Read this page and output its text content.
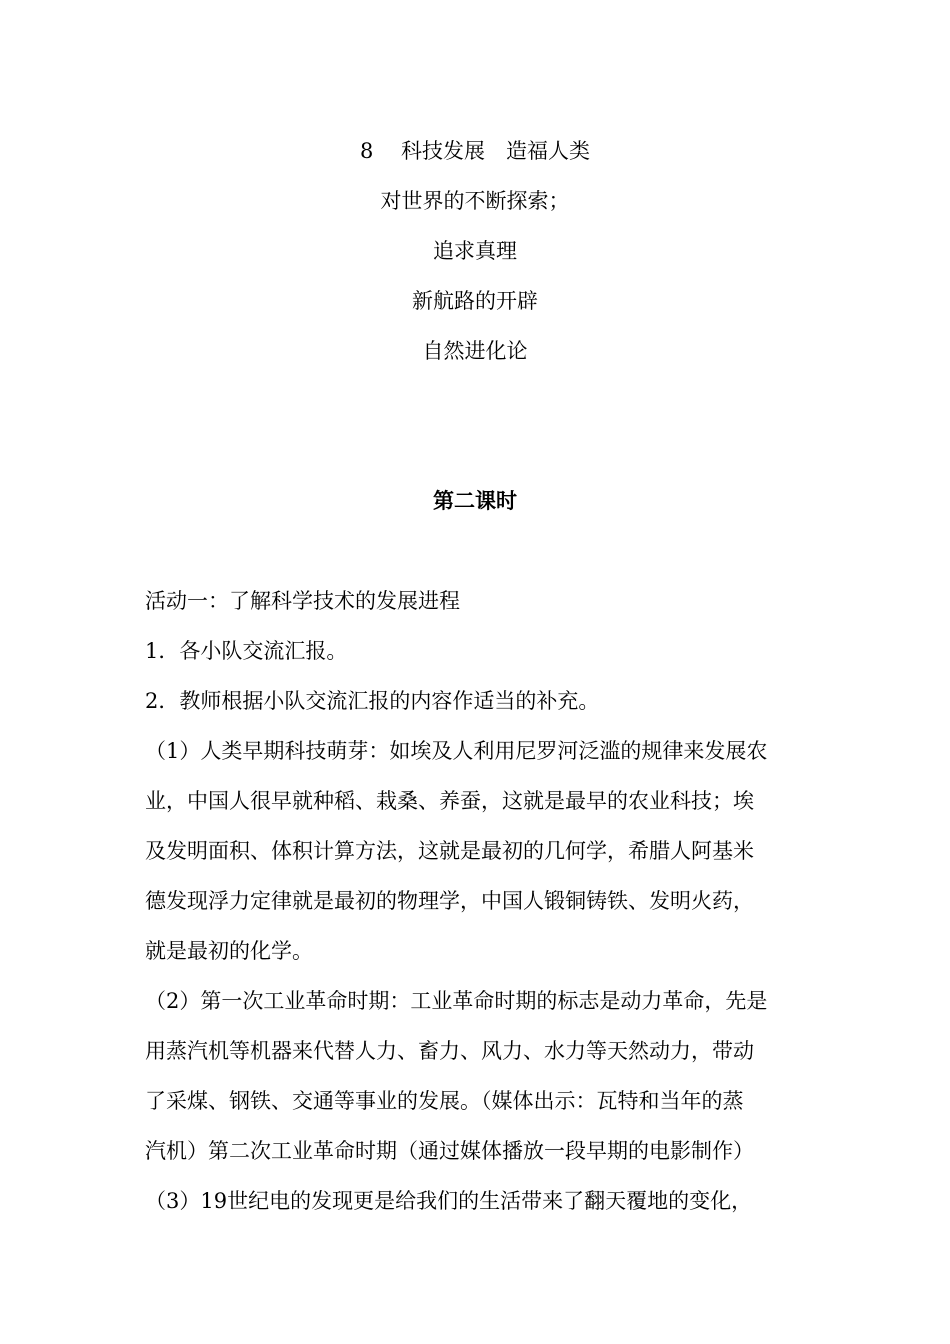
8　 科技发展　造福人类
对世界的不断探索；
追求真理
新航路的开辟
自然进化论
第二课时
活动一：了解科学技术的发展进程
1．各小队交流汇报。
2．教师根据小队交流汇报的内容作适当的补充。
（1）人类早期科技萌芽：如埃及人利用尼罗河泛滥的规律来发展农
业，中国人很早就种稻、栽桑、养蚕，这就是最早的农业科技；埃
及发明面积、体积计算方法，这就是最初的几何学，希腊人阿基米
德发现浮力定律就是最初的物理学，中国人锻铜铸铁、发明火药，
就是最初的化学。
（2）第一次工业革命时期：工业革命时期的标志是动力革命，先是
用蒸汽机等机器来代替人力、畜力、风力、水力等天然动力，带动
了采煤、钢铁、交通等事业的发展。（媒体出示：瓦特和当年的蒸
汽机）第二次工业革命时期（通过媒体播放一段早期的电影制作）
（3）19世纪电的发现更是给我们的生活带来了翻天覆地的变化，
